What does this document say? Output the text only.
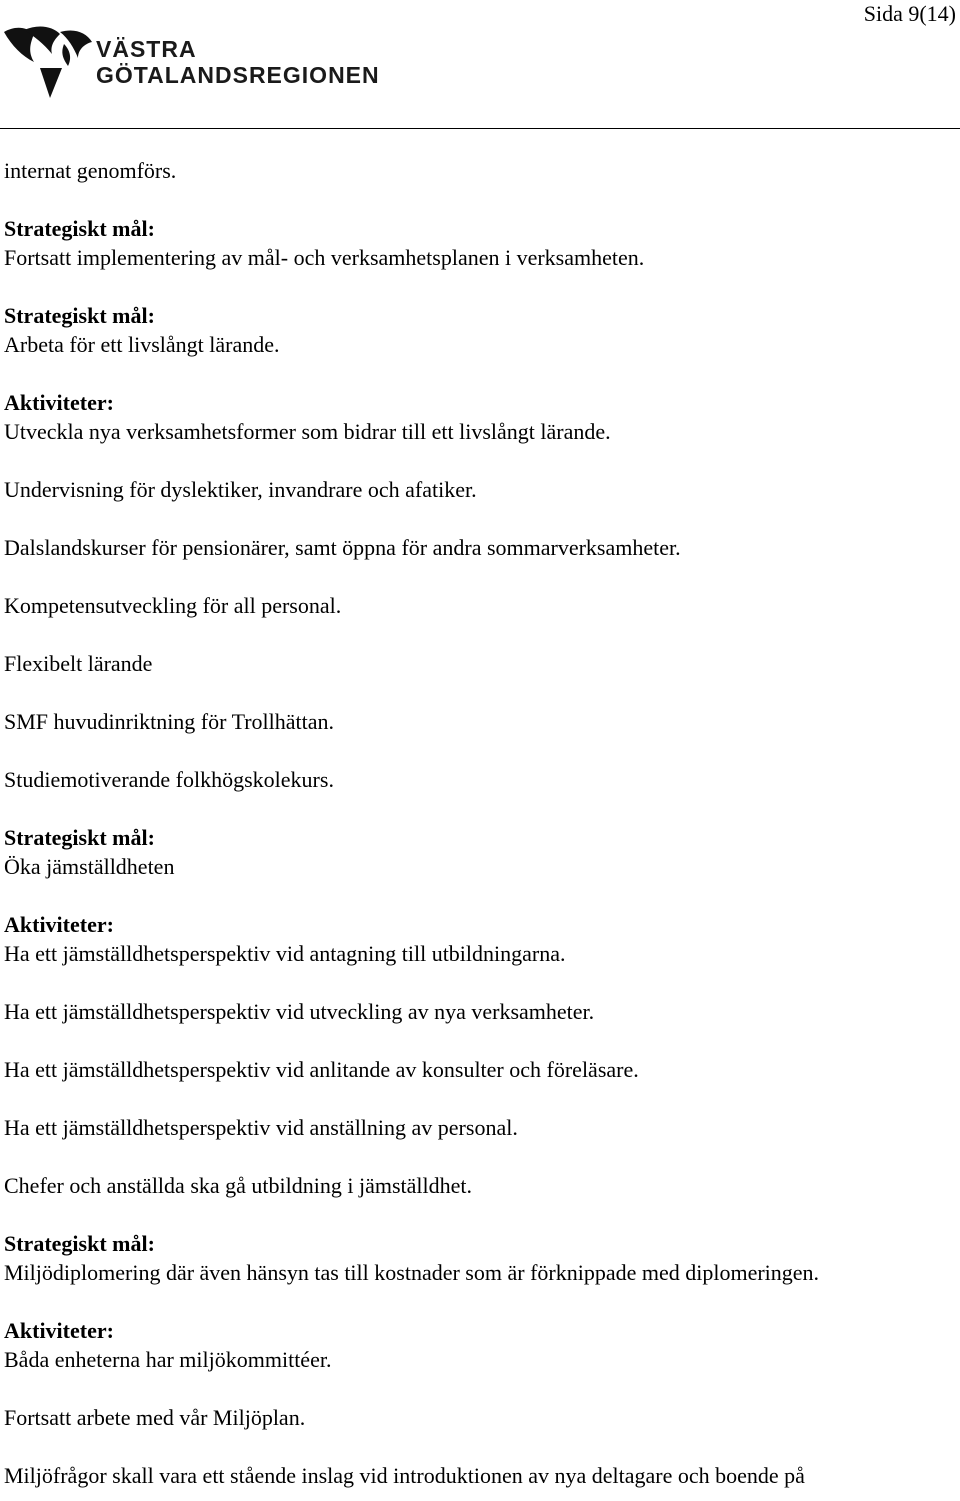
Sida 9(14)
VÄSTRA
GÖTALANDSREGIONEN
internat genomförs.
Strategiskt mål:
Fortsatt implementering av mål- och verksamhetsplanen i verksamheten.
Strategiskt mål:
Arbeta för ett livslångt lärande.
Aktiviteter:
Utveckla nya verksamhetsformer som bidrar till ett livslångt lärande.
Undervisning för dyslektiker, invandrare och afatiker.
Dalslandskurser för pensionärer, samt öppna för andra sommarverksamheter.
Kompetensutveckling för all personal.
Flexibelt lärande
SMF huvudinriktning för Trollhättan.
Studiemotiverande folkhögskolekurs.
Strategiskt mål:
Öka jämställdheten
Aktiviteter:
Ha ett jämställdhetsperspektiv vid antagning till utbildningarna.
Ha ett jämställdhetsperspektiv vid utveckling av nya verksamheter.
Ha ett jämställdhetsperspektiv vid anlitande av konsulter och föreläsare.
Ha ett jämställdhetsperspektiv vid anställning av personal.
Chefer och anställda ska gå utbildning i jämställdhet.
Strategiskt mål:
Miljödiplomering där även hänsyn tas till kostnader som är förknippade med diplomeringen.
Aktiviteter:
Båda enheterna har miljökommittéer.
Fortsatt arbete med vår Miljöplan.
Miljöfrågor skall vara ett stående inslag vid introduktionen av nya deltagare och boende på
